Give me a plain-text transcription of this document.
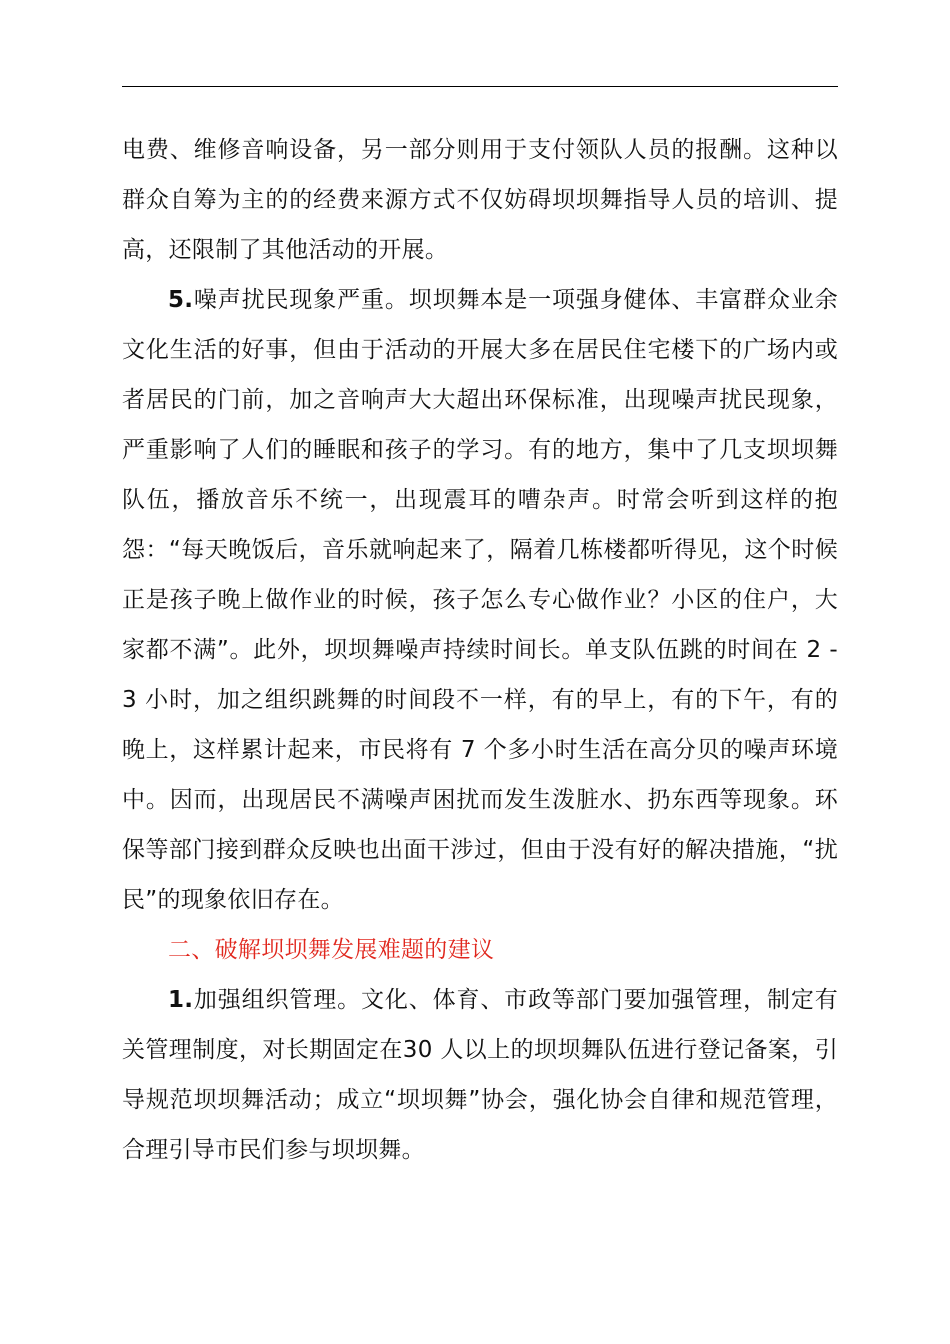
电费、维修音响设备，另一部分则用于支付领队人员的报酬。这种以群众自筹为主的的经费来源方式不仅妨碍坝坝舞指导人员的培训、提高，还限制了其他活动的开展。

5.噪声扰民现象严重。坝坝舞本是一项强身健体、丰富群众业余文化生活的好事，但由于活动的开展大多在居民住宅楼下的广场内或者居民的门前，加之音响声大大超出环保标准，出现噪声扰民现象，严重影响了人们的睡眠和孩子的学习。有的地方，集中了几支坝坝舞队伍，播放音乐不统一，出现震耳的嘈杂声。时常会听到这样的抱怨：“每天晚饭后，音乐就响起来了，隔着几栋楼都听得见，这个时候正是孩子晚上做作业的时候，孩子怎么专心做作业？小区的住户，大家都不满”。此外，坝坝舞噪声持续时间长。单支队伍跳的时间在 2 - 3 小时，加之组织跳舞的时间段不一样，有的早上，有的下午，有的晚上，这样累计起来，市民将有 7 个多小时生活在高分贝的噪声环境中。因而，出现居民不满噪声困扰而发生泼脏水、扔东西等现象。环保等部门接到群众反映也出面干涉过，但由于没有好的解决措施，“扰民”的现象依旧存在。

二、破解坝坝舞发展难题的建议

1.加强组织管理。文化、体育、市政等部门要加强管理，制定有关管理制度，对长期固定在30 人以上的坝坝舞队伍进行登记备案，引导规范坝坝舞活动；成立“坝坝舞”协会，强化协会自律和规范管理，合理引导市民们参与坝坝舞。
